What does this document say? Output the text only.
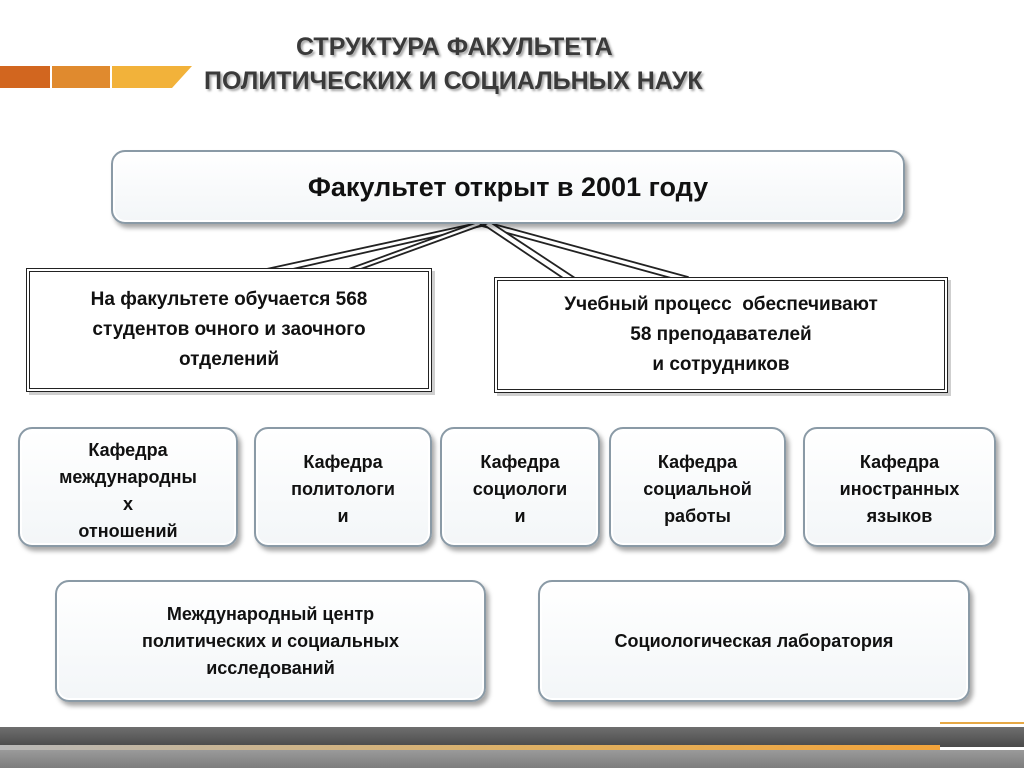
СТРУКТУРА ФАКУЛЬТЕТА
ПОЛИТИЧЕСКИХ И СОЦИАЛЬНЫХ НАУК
Факультет открыт в 2001 году
На факультете обучается 568
студентов очного и заочного
отделений
Учебный процесс  обеспечивают
58 преподавателей
и сотрудников
Кафедра
международны
х
отношений
Кафедра
политологи
и
Кафедра
социологи
и
Кафедра
социальной
работы
Кафедра
иностранных
языков
Международный центр
политических и социальных
исследований
Социологическая лаборатория
